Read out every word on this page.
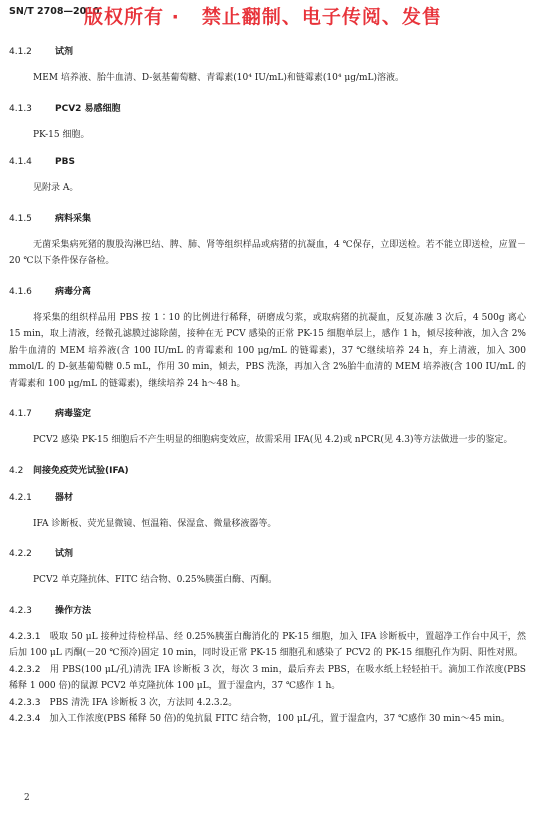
SN/T 2708—2010
版权所有 · 禁止翻制、电子传阅、发售
4.1.2	试剂

MEM 培养液、胎牛血清、D-氨基葡萄糖、青霉素(10⁴ IU/mL)和链霉素(10⁴ μg/mL)溶液。

4.1.3	PCV2 易感细胞

PK-15 细胞。

4.1.4	PBS

见附录 A。

4.1.5	病料采集

无菌采集病死猪的腹股沟淋巴结、脾、肺、肾等组织样品或病猪的抗凝血，4 ℃保存，立即送检。若不能立即送检，应置－20 ℃以下条件保存备检。

4.1.6	病毒分离

将采集的组织样品用 PBS 按 1∶10 的比例进行稀释，研磨成匀浆，或取病猪的抗凝血，反复冻融 3 次后，4 500g 离心 15 min，取上清液，经微孔滤膜过滤除菌，接种在无 PCV 感染的正常 PK-15 细胞单层上，感作 1 h，倾尽接种液，加入含 2%胎牛血清的 MEM 培养液(含 100 IU/mL 的青霉素和 100 μg/mL 的链霉素)，37 ℃继续培养 24 h，弃上清液，加入 300 mmol/L 的 D-氨基葡萄糖 0.5 mL，作用 30 min，倾去，PBS 洗涤，再加入含 2%胎牛血清的 MEM 培养液(含 100 IU/mL 的青霉素和 100 μg/mL 的链霉素)，继续培养 24 h～48 h。

4.1.7	病毒鉴定

PCV2 感染 PK-15 细胞后不产生明显的细胞病变效应，故需采用 IFA(见 4.2)或 nPCR(见 4.3)等方法做进一步的鉴定。

4.2 间接免疫荧光试验(IFA)
4.2.1	器材

IFA 诊断板、荧光显微镜、恒温箱、保湿盒、微量移液器等。

4.2.2	试剂

PCV2 单克隆抗体、FITC 结合物、0.25%胰蛋白酶、丙酮。

4.2.3	操作方法

4.2.3.1　 吸取 50 μL 接种过待检样品、经 0.25%胰蛋白酶消化的 PK-15 细胞，加入 IFA 诊断板中，置超净工作台中风干，然后加 100 μL 丙酮(－20 ℃预冷)固定 10 min，同时设正常 PK-15 细胞孔和感染了 PCV2 的 PK-15 细胞孔作为阴、阳性对照。

4.2.3.2　 用 PBS(100 μL/孔)清洗 IFA 诊断板 3 次，每次 3 min，最后弃去 PBS，在吸水纸上轻轻拍干。滴加工作浓度(PBS 稀释 1 000 倍)的鼠源 PCV2 单克隆抗体 100 μL，置于湿盒内，37 ℃感作 1 h。

4.2.3.3　 PBS 清洗 IFA 诊断板 3 次，方法同 4.2.3.2。

4.2.3.4　 加入工作浓度(PBS 稀释 50 倍)的兔抗鼠 FITC 结合物，100 μL/孔，置于湿盒内，37 ℃感作 30 min～45 min。

2
